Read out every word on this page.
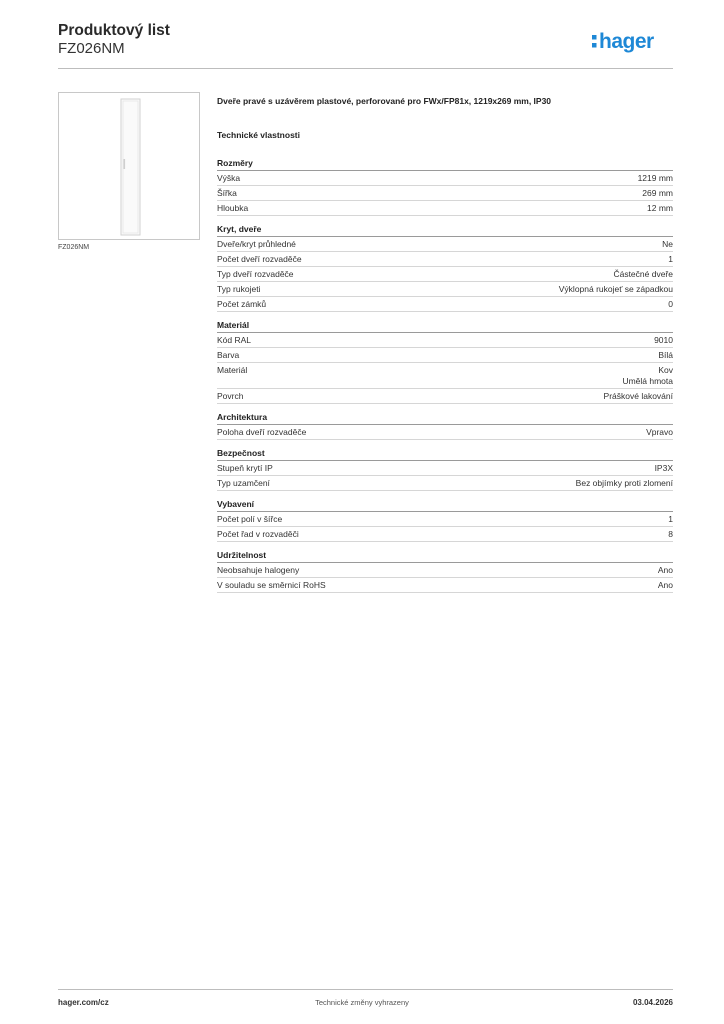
Produktový list
FZ026NM	hager
FZ026NM
Dveře pravé s uzávěrem plastové, perforované pro FWx/FP81x, 1219x269 mm, IP30
Technické vlastnosti
Rozměry
Výška	1219 mm
Šířka	269 mm
Hloubka	12 mm
Kryt, dveře
Dveře/kryt průhledné	Ne
Počet dveří rozvaděče	1
Typ dveří rozvaděče	Částečné dveře
Typ rukojeti	Výklopná rukojeť se západkou
Počet zámků	0
Materiál
Kód RAL	9010
Barva	Bílá
Materiál	Kov
Umělá hmota
Povrch	Práškové lakování
Architektura
Poloha dveří rozvaděče	Vpravo
Bezpečnost
Stupeň krytí IP	IP3X
Typ uzamčení	Bez objímky proti zlomení
Vybavení
Počet polí v šířce	1
Počet řad v rozvaděči	8
Udržitelnost
Neobsahuje halogeny	Ano
V souladu se směrnicí RoHS	Ano
hager.com/cz	Technické změny vyhrazeny	03.04.2026
